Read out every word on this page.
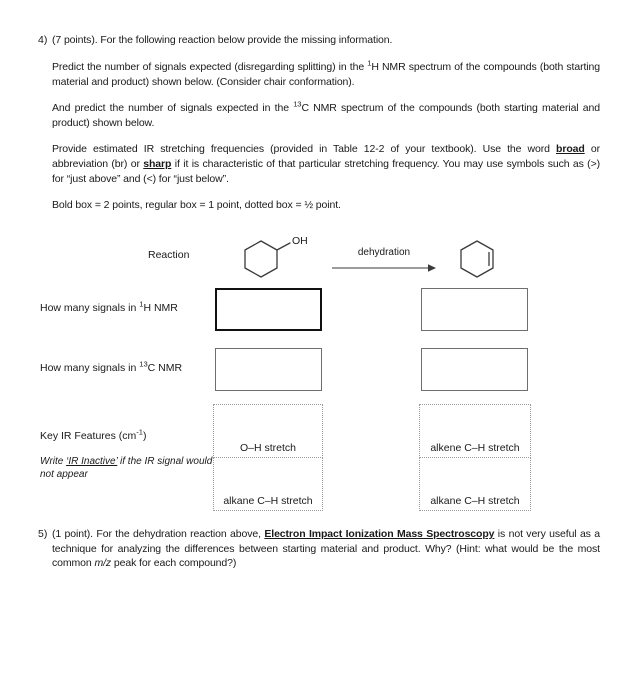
4) (7 points). For the following reaction below provide the missing information.

Predict the number of signals expected (disregarding splitting) in the $^1$H NMR spectrum of the compounds (both starting material and product) shown below. (Consider chair conformation).

And predict the number of signals expected in the $^{13}$C NMR spectrum of the compounds (both starting material and product) shown below.

Provide estimated IR stretching frequencies (provided in Table 12-2 of your textbook). Use the word broad or abbreviation (br) or sharp if it is characteristic of that particular stretching frequency. You may use symbols such as (>) for “just above” and (<) for “just below”.

Bold box = 2 points, regular box = 1 point, dotted box = ½ point.

Reaction
OH
dehydration
How many signals in $^1$H NMR
How many signals in $^{13}$C NMR
Key IR Features $(cm^{-1})$
Write ‘IR Inactive’ if the IR signal would not appear
O–H stretch
alkane C–H stretch
alkene C–H stretch
alkane C–H stretch
5) (1 point). For the dehydration reaction above, Electron Impact Ionization Mass Spectroscopy is not very useful as a technique for analyzing the differences between starting material and product. Why? (Hint: what would be the most common m/z peak for each compound?)
